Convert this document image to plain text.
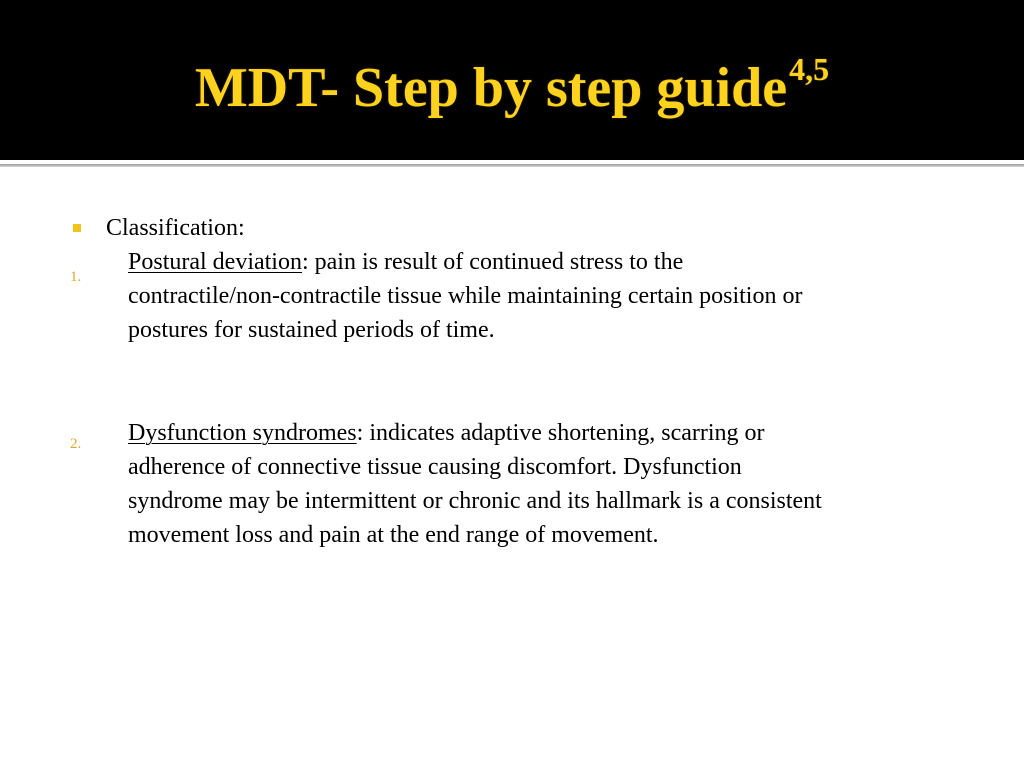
MDT- Step by step guide$^{4,5}$
Classification:
1.
Postural deviation: pain is result of continued stress to the
contractile/non-contractile tissue while maintaining certain position or
postures for sustained periods of time.
2. Dysfunction syndromes: indicates adaptive shortening, scarring or
adherence of connective tissue causing discomfort. Dysfunction
syndrome may be intermittent or chronic and its hallmark is a consistent
movement loss and pain at the end range of movement.
